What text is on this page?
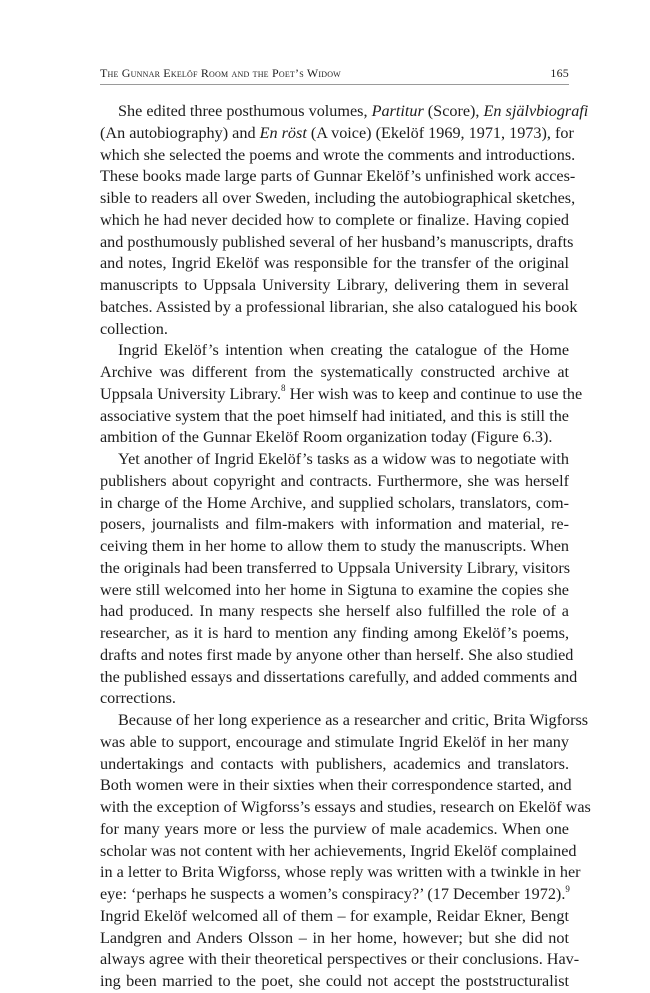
The Gunnar Ekelöf Room and the Poet’s Widow	165
She edited three posthumous volumes, Partitur (Score), En självbiografi
(An autobiography) and En röst (A voice) (Ekelöf 1969, 1971, 1973), for
which she selected the poems and wrote the comments and introductions.
These books made large parts of Gunnar Ekelöf’s unfinished work acces-
sible to readers all over Sweden, including the autobiographical sketches,
which he had never decided how to complete or finalize. Having copied
and posthumously published several of her husband’s manuscripts, drafts
and notes, Ingrid Ekelöf was responsible for the transfer of the original
manuscripts to Uppsala University Library, delivering them in several
batches. Assisted by a professional librarian, she also catalogued his book
collection.
Ingrid Ekelöf’s intention when creating the catalogue of the Home
Archive was different from the systematically constructed archive at
Uppsala University Library.$^8$ Her wish was to keep and continue to use the
associative system that the poet himself had initiated, and this is still the
ambition of the Gunnar Ekelöf Room organization today (Figure 6.3).
Yet another of Ingrid Ekelöf’s tasks as a widow was to negotiate with
publishers about copyright and contracts. Furthermore, she was herself
in charge of the Home Archive, and supplied scholars, translators, com-
posers, journalists and film-makers with information and material, re-
ceiving them in her home to allow them to study the manuscripts. When
the originals had been transferred to Uppsala University Library, visitors
were still welcomed into her home in Sigtuna to examine the copies she
had produced. In many respects she herself also fulfilled the role of a
researcher, as it is hard to mention any finding among Ekelöf’s poems,
drafts and notes first made by anyone other than herself. She also studied
the published essays and dissertations carefully, and added comments and
corrections.
Because of her long experience as a researcher and critic, Brita Wigforss
was able to support, encourage and stimulate Ingrid Ekelöf in her many
undertakings and contacts with publishers, academics and translators.
Both women were in their sixties when their correspondence started, and
with the exception of Wigforss’s essays and studies, research on Ekelöf was
for many years more or less the purview of male academics. When one
scholar was not content with her achievements, Ingrid Ekelöf complained
in a letter to Brita Wigforss, whose reply was written with a twinkle in her
eye: ‘perhaps he suspects a women’s conspiracy?’ (17 December 1972).$^9$
Ingrid Ekelöf welcomed all of them – for example, Reidar Ekner, Bengt
Landgren and Anders Olsson – in her home, however; but she did not
always agree with their theoretical perspectives or their conclusions. Hav-
ing been married to the poet, she could not accept the poststructuralist
